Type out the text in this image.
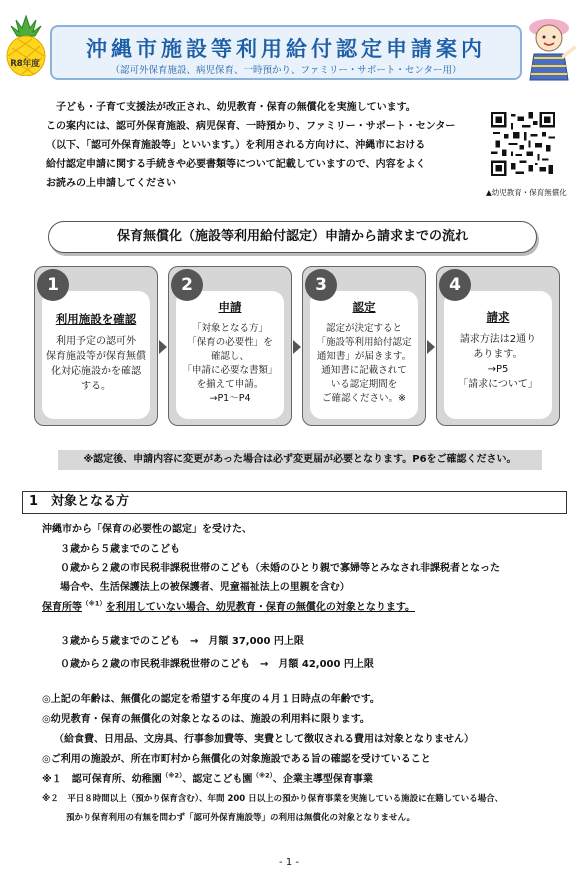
R8年度
沖縄市施設等利用給付認定申請案内
（認可外保育施設、病児保育、一時預かり、ファミリー・サポート・センター用）

子ども・子育て支援法が改正され、幼児教育・保育の無償化を実施しています。

この案内には、認可外保育施設、病児保育、一時預かり、ファミリー・サポート・センター

（以下、「認可外保育施設等」といいます。）を利用される方向けに、沖縄市における

給付認定申請に関する手続きや必要書類等について記載していますので、内容をよく

お読みの上申請してください

▲幼児教育・保育無償化
保育無償化（施設等利用給付認定）申請から請求までの流れ
利用施設を確認
利用予定の認可外
保育施設等が保育無償
化対応施設かを確認
する。
1
申請
「対象となる方」
「保育の必要性」を
確認し、
「申請に必要な書類」
を揃えて申請。
→P1～P4
2
認定
認定が決定すると
「施設等利用給付認定
通知書」が届きます。
通知書に記載されて
いる認定期間を
ご確認ください。※
3
請求
請求方法は2通り
あります。
→P5
「請求について」
4
※認定後、申請内容に変更があった場合は必ず変更届が必要となります。P6をご確認ください。
1　対象となる方
沖縄市から「保育の必要性の認定」を受けた、
３歳から５歳までのこども
０歳から２歳の市民税非課税世帯のこども（未婚のひとり親で寡婦等とみなされ非課税者となった
場合や、生活保護法上の被保護者、児童福祉法上の里親を含む）
保育所等$^{(※1)}$を利用していない場合、幼児教育・保育の無償化の対象となります。
３歳から５歳までのこども　→　月額 37,000 円上限
０歳から２歳の市民税非課税世帯のこども　→　月額 42,000 円上限
◎上記の年齢は、無償化の認定を希望する年度の４月１日時点の年齢です。
◎幼児教育・保育の無償化の対象となるのは、施設の利用料に限ります。
（給食費、日用品、文房具、行事参加費等、実費として徴収される費用は対象となりません）
◎ご利用の施設が、所在市町村から無償化の対象施設である旨の確認を受けていること
※１　認可保育所、幼稚園$^{(※2)}$、認定こども園$^{(※2)}$、企業主導型保育事業
※２　平日８時間以上（預かり保育含む）、年間 200 日以上の預かり保育事業を実施している施設に在籍している場合、
預かり保育利用の有無を問わず「認可外保育施設等」の利用は無償化の対象となりません。
- 1 -
